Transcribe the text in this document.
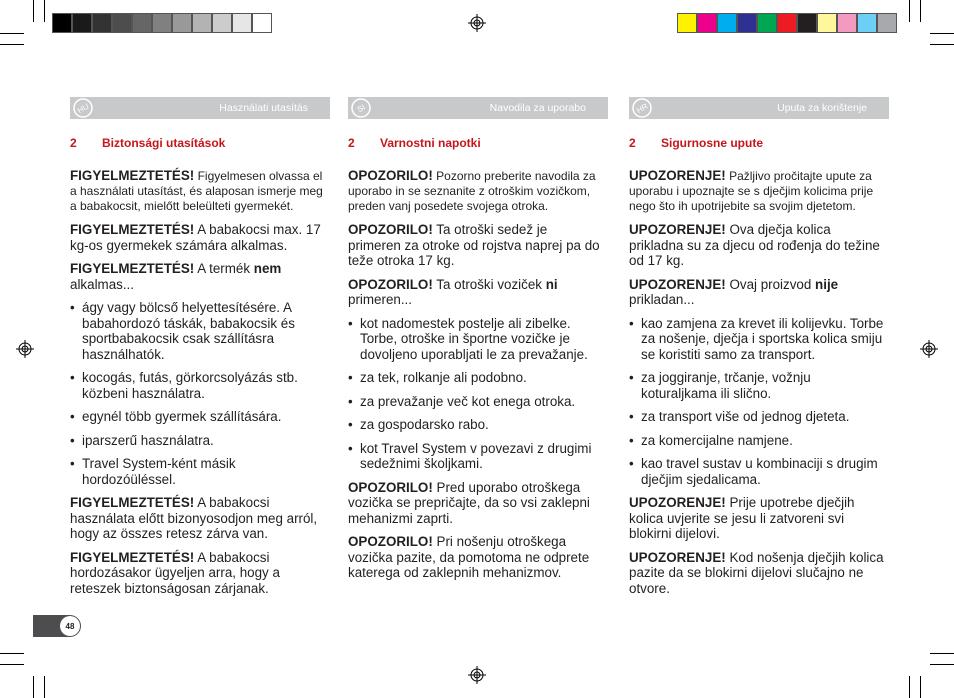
HU	Használati utasítás
2	Biztonsági utasítások

FIGYELMEZTETÉS! Figyelmesen olvassa el a használati utasítást, és alaposan ismerje meg a babakocsit, mielőtt beleülteti gyermekét.

FIGYELMEZTETÉS! A babakocsi max. 17 kg-os gyermekek számára alkalmas.

FIGYELMEZTETÉS! A termék nem alkalmas...

• ágy vagy bölcső helyettesítésére. A babahordozó táskák, babakocsik és sportbabakocsik csak szállításra használhatók.
• kocogás, futás, görkorcsolyázás stb. közbeni használatra.
• egynél több gyermek szállítására.
• iparszerű használatra.
• Travel System-ként másik hordozóüléssel.

FIGYELMEZTETÉS! A babakocsi használata előtt bizonyosodjon meg arról, hogy az összes retesz zárva van.

FIGYELMEZTETÉS! A babakocsi hordozásakor ügyeljen arra, hogy a reteszek biztonságosan zárjanak.

SI	Navodila za uporabo
2	Varnostni napotki

OPOZORILO! Pozorno preberite navodila za uporabo in se seznanite z otroškim vozičkom, preden vanj posedete svojega otroka.

OPOZORILO! Ta otroški sedež je primeren za otroke od rojstva naprej pa do teže otroka 17 kg.

OPOZORILO! Ta otroški voziček ni primeren...

• kot nadomestek postelje ali zibelke. Torbe, otroške in športne vozičke je dovoljeno uporabljati le za prevažanje.
• za tek, rolkanje ali podobno.
• za prevažanje več kot enega otroka.
• za gospodarsko rabo.
• kot Travel System v povezavi z drugimi sedežnimi školjkami.

OPOZORILO! Pred uporabo otroškega vozička se prepričajte, da so vsi zaklepni mehanizmi zaprti.

OPOZORILO! Pri nošenju otroškega vozička pazite, da pomotoma ne odprete katerega od zaklepnih mehanizmov.

HR	Uputa za korištenje
2	Sigurnosne upute

UPOZORENJE! Pažljivo pročitajte upute za uporabu i upoznajte se s dječjim kolicima prije nego što ih upotrijebite sa svojim djetetom.

UPOZORENJE! Ova dječja kolica prikladna su za djecu od rođenja do težine od 17 kg.

UPOZORENJE! Ovaj proizvod nije prikladan...

• kao zamjena za krevet ili kolijevku. Torbe za nošenje, dječja i sportska kolica smiju se koristiti samo za transport.
• za joggiranje, trčanje, vožnju koturaljkama ili slično.
• za transport više od jednog djeteta.
• za komercijalne namjene.
• kao travel sustav u kombinaciji s drugim dječjim sjedalicama.

UPOZORENJE! Prije upotrebe dječjih kolica uvjerite se jesu li zatvoreni svi blokirni dijelovi.

UPOZORENJE! Kod nošenja dječjih kolica pazite da se blokirni dijelovi slučajno ne otvore.

48
